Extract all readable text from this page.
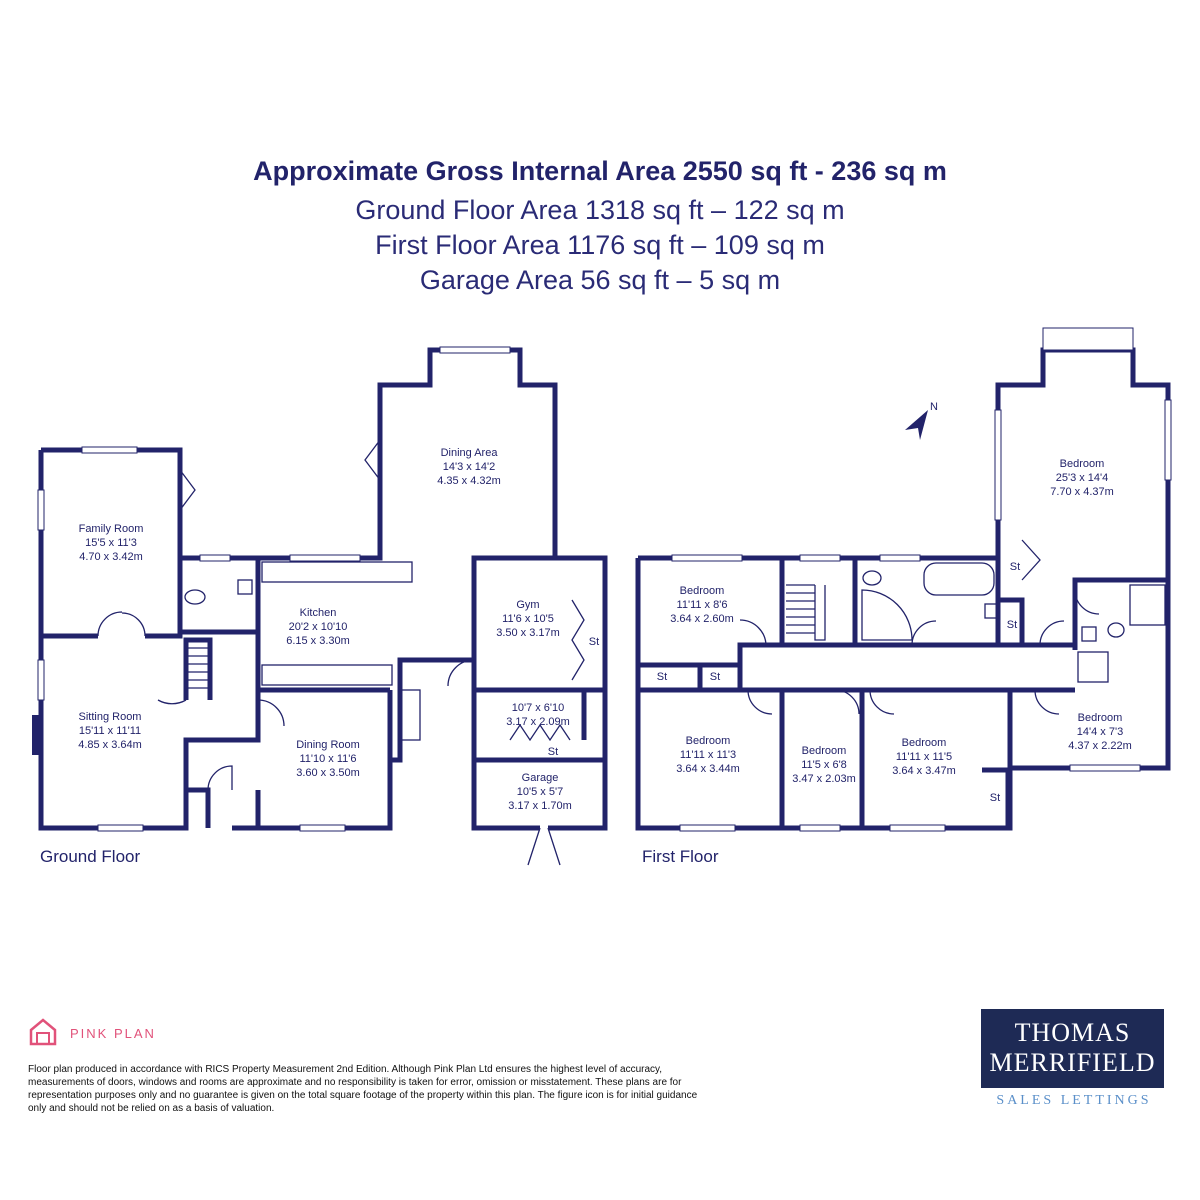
Approximate Gross Internal Area 2550 sq ft - 236 sq m
Ground Floor Area 1318 sq ft – 122 sq m
First Floor Area 1176 sq ft – 109 sq m
Garage Area 56 sq ft – 5 sq m
Family Room
15'5 x 11'3
4.70 x 3.42m
Sitting Room
15'11 x 11'11
4.85 x 3.64m
Kitchen
20'2 x 10'10
6.15 x 3.30m
Dining Area
14'3 x 14'2
4.35 x 4.32m
Dining Room
11'10 x 11'6
3.60 x 3.50m
Gym
11'6 x 10'5
3.50 x 3.17m
St
10'7 x 6'10
3.17 x 2.09m
St
Garage
10'5 x 5'7
3.17 x 1.70m
Bedroom
11'11 x 8'6
3.64 x 2.60m
Bedroom
11'11 x 11'3
3.64 x 3.44m
Bedroom
11'5 x 6'8
3.47 x 2.03m
Bedroom
11'11 x 11'5
3.64 x 3.47m
Bedroom
14'4 x 7'3
4.37 x 2.22m
Bedroom
25'3 x 14'4
7.70 x 4.37m
St	St
St
St
St
N
Ground Floor	First Floor
PINK PLAN
Floor plan produced in accordance with RICS Property Measurement 2nd Edition. Although Pink Plan Ltd ensures the highest level of accuracy, measurements of doors, windows and rooms are approximate and no responsibility is taken for error, omission or misstatement. These plans are for representation purposes only and no guarantee is given on the total square footage of the property within this plan. The figure icon is for initial guidance only and should not be relied on as a basis of valuation.
THOMAS
MERRIFIELD
SALES LETTINGS
